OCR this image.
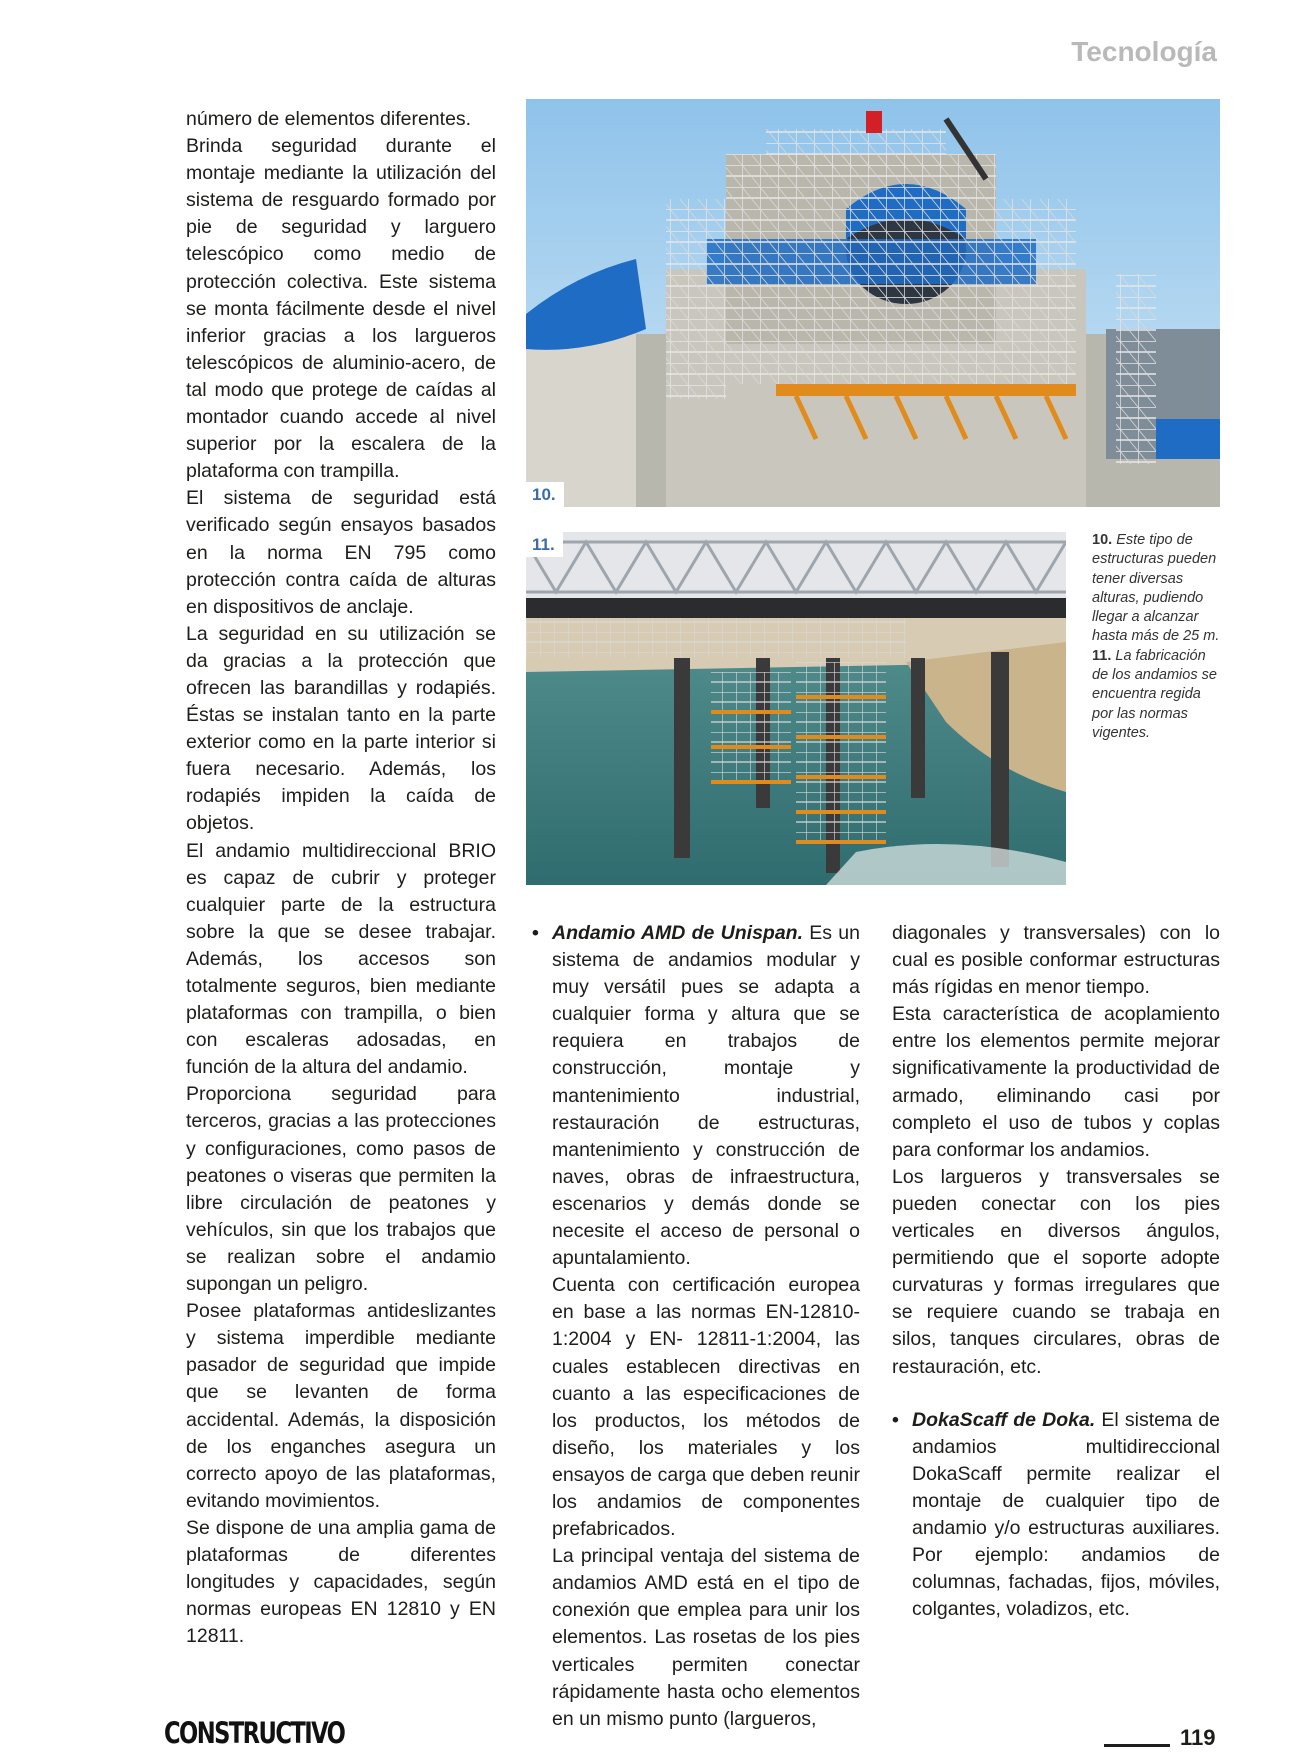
Tecnología

número de elementos diferentes.

Brinda seguridad durante el montaje mediante la utilización del sistema de resguardo formado por pie de seguridad y larguero telescópico como medio de protección colectiva. Este sistema se monta fácilmente desde el nivel inferior gracias a los largueros telescópicos de aluminio-acero, de tal modo que protege de caídas al montador cuando accede al nivel superior por la escalera de la plataforma con trampilla.

El sistema de seguridad está verificado según ensayos basados en la norma EN 795 como protección contra caída de alturas en dispositivos de anclaje.

La seguridad en su utilización se da gracias a la protección que ofrecen las barandillas y rodapiés. Éstas se instalan tanto en la parte exterior como en la parte interior si fuera necesario. Además, los rodapiés impiden la caída de objetos.

El andamio multidireccional BRIO es capaz de cubrir y proteger cualquier parte de la estructura sobre la que se desee trabajar. Además, los accesos son totalmente seguros, bien mediante plataformas con trampilla, o bien con escaleras adosadas, en función de la altura del andamio.

Proporciona seguridad para terceros, gracias a las protecciones y configuraciones, como pasos de peatones o viseras que permiten la libre circulación de peatones y vehículos, sin que los trabajos que se realizan sobre el andamio supongan un peligro.

Posee plataformas antideslizantes y sistema imperdible mediante pasador de seguridad que impide que se levanten de forma accidental. Además, la disposición de los enganches asegura un correcto apoyo de las plataformas, evitando movimientos.

Se dispone de una amplia gama de plataformas de diferentes longitudes y capacidades, según normas europeas EN 12810 y EN 12811.

10.
11.	10. Este tipo de estructuras pueden tener diversas alturas, pudiendo llegar a alcanzar hasta más de 25 m.

11. La fabricación de los andamios se encuentra regida por las normas vigentes.

• Andamio AMD de Unispan. Es un sistema de andamios modular y muy versátil pues se adapta a cualquier forma y altura que se requiera en trabajos de construcción, montaje y mantenimiento industrial, restauración de estructuras, mantenimiento y construcción de naves, obras de infraestructura, escenarios y demás donde se necesite el acceso de personal o apuntalamiento.

Cuenta con certificación europea en base a las normas EN-12810-1:2004 y EN- 12811-1:2004, las cuales establecen directivas en cuanto a las especificaciones de los productos, los métodos de diseño, los materiales y los ensayos de carga que deben reunir los andamios de componentes prefabricados.

La principal ventaja del sistema de andamios AMD está en el tipo de conexión que emplea para unir los elementos. Las rosetas de los pies verticales permiten conectar rápidamente hasta ocho elementos en un mismo punto (largueros,

diagonales y transversales) con lo cual es posible conformar estructuras más rígidas en menor tiempo.

Esta característica de acoplamiento entre los elementos permite mejorar significativamente la productividad de armado, eliminando casi por completo el uso de tubos y coplas para conformar los andamios.

Los largueros y transversales se pueden conectar con los pies verticales en diversos ángulos, permitiendo que el soporte adopte curvaturas y formas irregulares que se requiere cuando se trabaja en silos, tanques circulares, obras de restauración, etc.

• DokaScaff de Doka. El sistema de andamios multidireccional DokaScaff permite realizar el montaje de cualquier tipo de andamio y/o estructuras auxiliares. Por ejemplo: andamios de columnas, fachadas, fijos, móviles, colgantes, voladizos, etc.

CONSTRUCTIVO	119
